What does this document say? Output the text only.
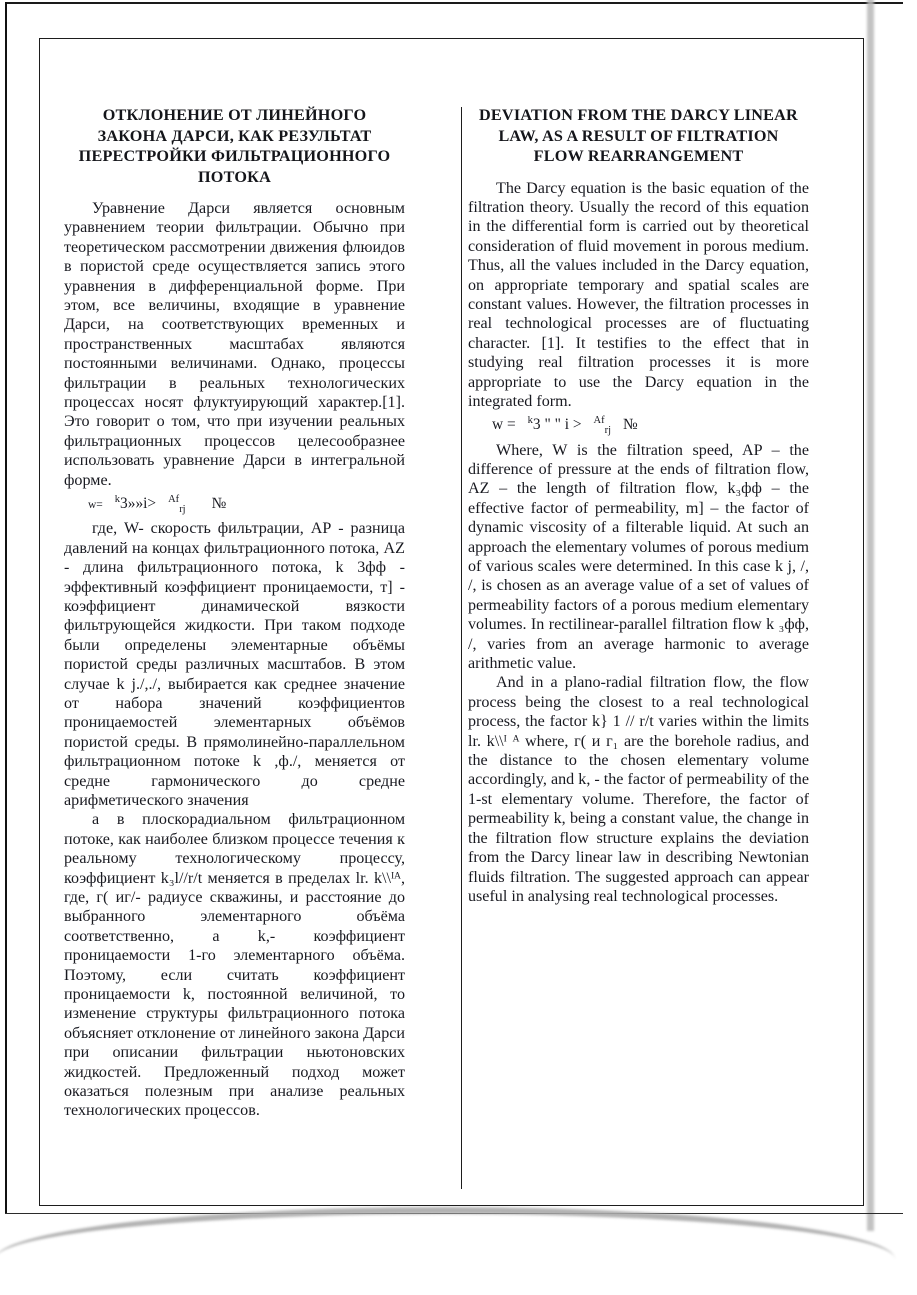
ОТКЛОНЕНИЕ ОТ ЛИНЕЙНОГО ЗАКОНА ДАРСИ, КАК РЕЗУЛЬТАТ ПЕРЕСТРОЙКИ ФИЛЬТРАЦИОННОГО ПОТОКА

Уравнение Дарси является основным уравнением теории фильтрации. Обычно при теоретическом рассмотрении движения флюидов в пористой среде осуществляется запись этого уравнения в дифференциальной форме. При этом, все величины, входящие в уравнение Дарси, на соответствующих временных и пространственных масштабах являются постоянными величинами. Однако, процессы фильтрации в реальных технологических процессах носят флуктуирующий характер.[1]. Это говорит о том, что при изучении реальных фильтрационных процессов целесообразнее использовать уравнение Дарси в интегральной форме.

w= $^k$3»»i> $^{Af}_{rj}$ №

где, W- скорость фильтрации, АР - разница давлений на концах фильтрационного потока, AZ - длина фильтрационного потока, k 3фф - эффективный коэффициент проницаемости, т] - коэффициент динамической вязкости фильтрующейся жидкости. При таком подходе были определены элементарные объёмы пористой среды различных масштабов. В этом случае k j./,./, выбирается как среднее значение от набора значений коэффициентов проницаемостей элементарных объёмов пористой среды. В прямолинейно-параллельном фильтрационном потоке k ,ф./, меняется от средне гармонического до средне арифметического значения

а в плоскорадиальном фильтрационном потоке, как наиболее близком процессе течения к реальному технологическому процессу, коэффициент k₃l//r/t меняется в пределах lr. k\\ᴵᴬ, где, г( иг/- радиусе скважины, и расстояние до выбранного элементарного объёма соответственно, а k,- коэффициент проницаемости 1-го элементарного объёма. Поэтому, если считать коэффициент проницаемости k, постоянной величиной, то изменение структуры фильтрационного потока объясняет отклонение от линейного закона Дарси при описании фильтрации ньютоновских жидкостей. Предложенный подход может оказаться полезным при анализе реальных технологических процессов.

DEVIATION FROM THE DARCY LINEAR LAW, AS A RESULT OF FILTRATION FLOW REARRANGEMENT

The Darcy equation is the basic equation of the filtration theory. Usually the record of this equation in the differential form is carried out by theoretical consideration of fluid movement in porous medium. Thus, all the values included in the Darcy equation, on appropriate temporary and spatial scales are constant values. However, the filtration processes in real technological processes are of fluctuating character. [1]. It testifies to the effect that in studying real filtration processes it is more appropriate to use the Darcy equation in the integrated form.

w = $^k$3 " " i > $^{Af}_{rj}$ №

Where, W is the filtration speed, AP – the difference of pressure at the ends of filtration flow, AZ – the length of filtration flow, k₃фф – the effective factor of permeability, m] – the factor of dynamic viscosity of a filterable liquid. At such an approach the elementary volumes of porous medium of various scales were determined. In this case k j, /, /, is chosen as an average value of a set of values of permeability factors of a porous medium elementary volumes. In rectilinear-parallel filtration flow k ₃фф, /, varies from an average harmonic to average arithmetic value.

And in a plano-radial filtration flow, the flow process being the closest to a real technological process, the factor k} 1 // r/t varies within the limits lr. k\\ᴵ ᴬ where, г( и г₁ are the borehole radius, and the distance to the chosen elementary volume accordingly, and k, - the factor of permeability of the 1-st elementary volume. Therefore, the factor of permeability k, being a constant value, the change in the filtration flow structure explains the deviation from the Darcy linear law in describing Newtonian fluids filtration. The suggested approach can appear useful in analysing real technological processes.
